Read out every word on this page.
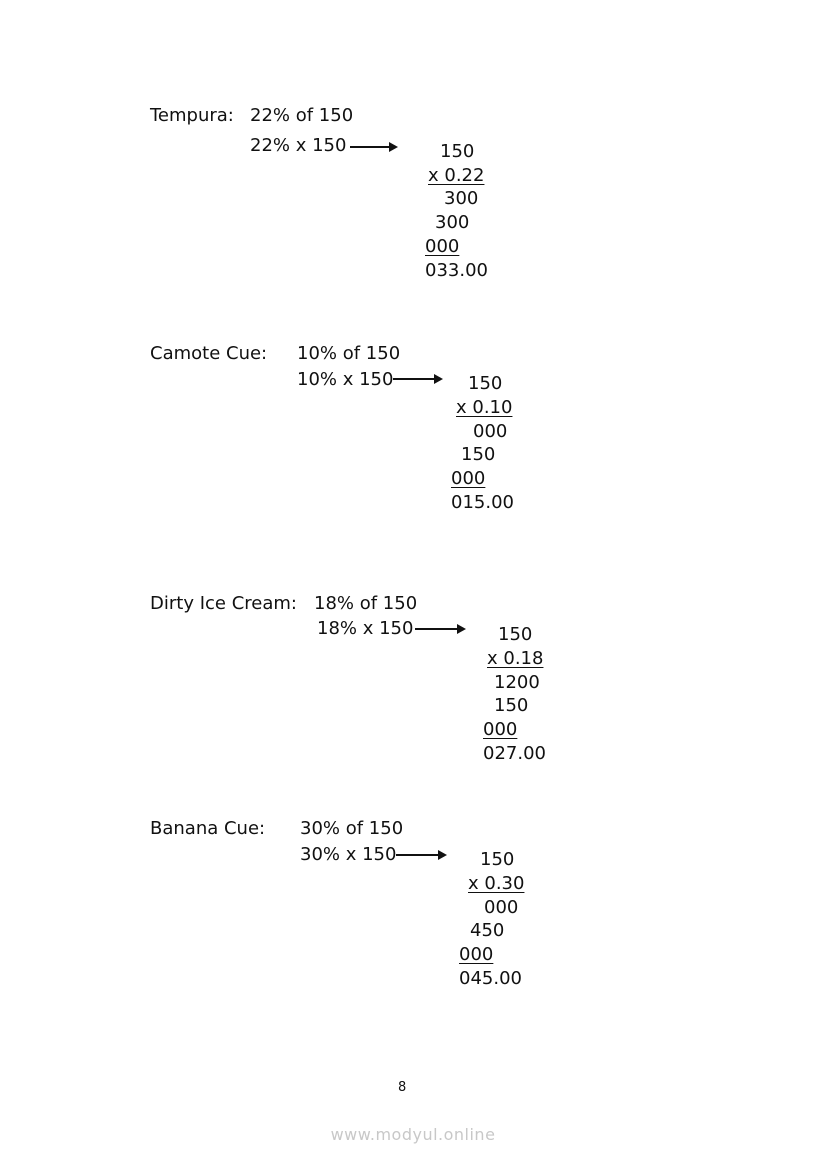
Tempura: 22% of 150
22% x 150	150
x 0.22
300
300
000
033.00
Camote Cue: 10% of 150
10% x 150	150
x 0.10
000
150
000
015.00
Dirty Ice Cream: 18% of 150
18% x 150	150
x 0.18
1200
150
000
027.00
Banana Cue: 30% of 150
30% x 150	150
x 0.30
000
450
000
045.00
8
www.modyul.online
